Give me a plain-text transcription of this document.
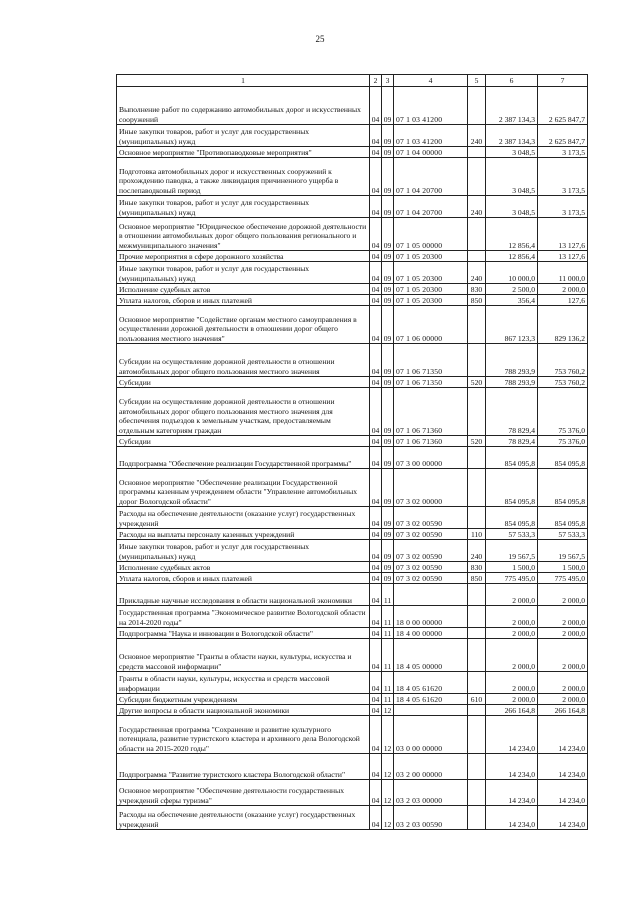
25
1	2	3	4	5	6	7
Выполнение работ по содержанию автомобильных дорог и искусственных сооружений	04	09	07 1 03 41200		2 387 134,3	2 625 847,7
Иные закупки товаров, работ и услуг для государственных (муниципальных) нужд	04	09	07 1 03 41200	240	2 387 134,3	2 625 847,7
Основное мероприятие "Противопаводковые мероприятия"	04	09	07 1 04 00000		3 048,5	3 173,5
Подготовка автомобильных дорог и искусственных сооружений к прохождению паводка, а также ликвидация причиненного ущерба в послепаводковый период	04	09	07 1 04 20700		3 048,5	3 173,5
Иные закупки товаров, работ и услуг для государственных (муниципальных) нужд	04	09	07 1 04 20700	240	3 048,5	3 173,5
Основное мероприятие "Юридическое обеспечение дорожной деятельности в отношении автомобильных дорог общего пользования регионального и межмуниципального значения"	04	09	07 1 05 00000		12 856,4	13 127,6
Прочие мероприятия в сфере дорожного хозяйства	04	09	07 1 05 20300		12 856,4	13 127,6
Иные закупки товаров, работ и услуг для государственных (муниципальных) нужд	04	09	07 1 05 20300	240	10 000,0	11 000,0
Исполнение судебных актов	04	09	07 1 05 20300	830	2 500,0	2 000,0
Уплата налогов, сборов и иных платежей	04	09	07 1 05 20300	850	356,4	127,6
Основное мероприятие "Содействие органам местного самоуправления в осуществлении дорожной деятельности в отношении дорог общего пользования местного значения"	04	09	07 1 06 00000		867 123,3	829 136,2
Субсидии на осуществление дорожной деятельности в отношении автомобильных дорог общего пользования местного значения	04	09	07 1 06 71350		788 293,9	753 760,2
Субсидии	04	09	07 1 06 71350	520	788 293,9	753 760,2
Субсидии на осуществление дорожной деятельности в отношении автомобильных дорог общего пользования местного значения для обеспечения подъездов к земельным участкам, предоставляемым отдельным категориям граждан	04	09	07 1 06 71360		78 829,4	75 376,0
Субсидии	04	09	07 1 06 71360	520	78 829,4	75 376,0
Подпрограмма "Обеспечение реализации Государственной программы"	04	09	07 3 00 00000		854 095,8	854 095,8
Основное мероприятие "Обеспечение реализации Государственной программы казенным учреждением области "Управление автомобильных дорог Вологодской области"	04	09	07 3 02 00000		854 095,8	854 095,8
Расходы на обеспечение деятельности (оказание услуг) государственных учреждений	04	09	07 3 02 00590		854 095,8	854 095,8
Расходы на выплаты персоналу казенных учреждений	04	09	07 3 02 00590	110	57 533,3	57 533,3
Иные закупки товаров, работ и услуг для государственных (муниципальных) нужд	04	09	07 3 02 00590	240	19 567,5	19 567,5
Исполнение судебных актов	04	09	07 3 02 00590	830	1 500,0	1 500,0
Уплата налогов, сборов и иных платежей	04	09	07 3 02 00590	850	775 495,0	775 495,0
Прикладные научные исследования в области национальной экономики	04	11			2 000,0	2 000,0
Государственная программа "Экономическое развитие Вологодской области на 2014-2020 годы"	04	11	18 0 00 00000		2 000,0	2 000,0
Подпрограмма "Наука и инновации в Вологодской области"	04	11	18 4 00 00000		2 000,0	2 000,0
Основное мероприятие "Гранты в области науки, культуры, искусства и средств массовой информации"	04	11	18 4 05 00000		2 000,0	2 000,0
Гранты в области науки, культуры, искусства и средств массовой информации	04	11	18 4 05 61620		2 000,0	2 000,0
Субсидии бюджетным учреждениям	04	11	18 4 05 61620	610	2 000,0	2 000,0
Другие вопросы в области национальной экономики	04	12			266 164,8	266 164,8
Государственная программа "Сохранение и развитие культурного потенциала, развитие туристского кластера и архивного дела Вологодской области на 2015-2020 годы"	04	12	03 0 00 00000		14 234,0	14 234,0
Подпрограмма "Развитие туристского кластера Вологодской области"	04	12	03 2 00 00000		14 234,0	14 234,0
Основное мероприятие "Обеспечение деятельности государственных учреждений сферы туризма"	04	12	03 2 03 00000		14 234,0	14 234,0
Расходы на обеспечение деятельности (оказание услуг) государственных учреждений	04	12	03 2 03 00590		14 234,0	14 234,0
